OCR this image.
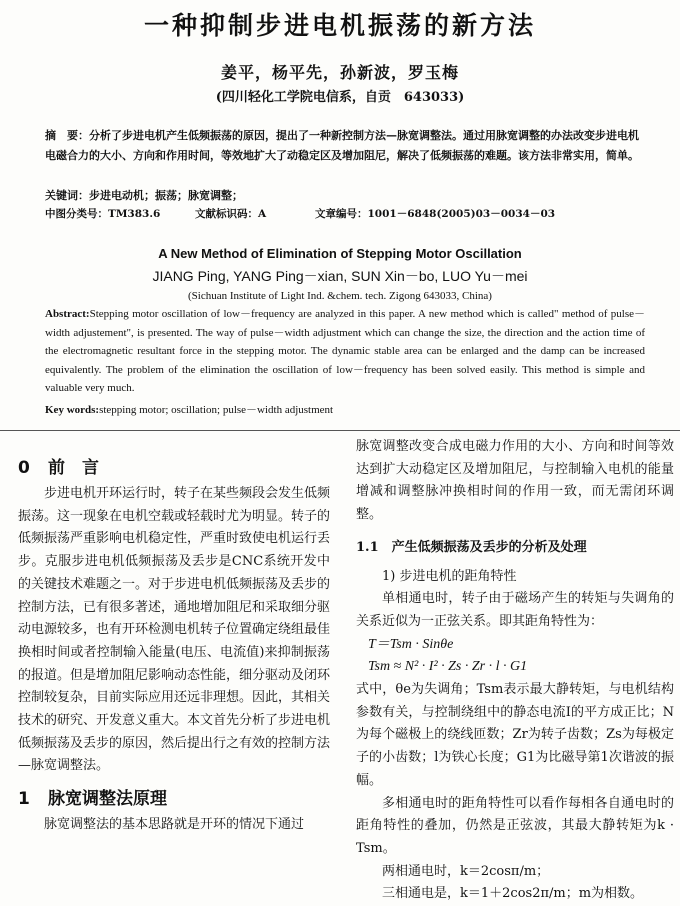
一种抑制步进电机振荡的新方法
姜平，杨平先，孙新波，罗玉梅
(四川轻化工学院电信系，自贡　643033)
摘　要：分析了步进电机产生低频振荡的原因，提出了一种新控制方法—脉宽调整法。通过用脉宽调整的办法改变步进电机电磁合力的大小、方向和作用时间，等效地扩大了动稳定区及增加阻尼，解决了低频振荡的难题。该方法非常实用，简单。
关键词：步进电动机；振荡；脉宽调整；
中图分类号：TM383.6	文献标识码：A	文章编号：1001－6848(2005)03－0034－03
A New Method of Elimination of Stepping Motor Oscillation
JIANG Ping, YANG Ping－xian, SUN Xin－bo, LUO Yu－mei
(Sichuan Institute of Light Ind. &chem. tech. Zigong 643033, China)
Abstract:Stepping motor oscillation of low－frequency are analyzed in this paper. A new method which is called" method of pulse－width adjustement", is presented. The way of pulse－width adjustment which can change the size, the direction and the action time of the electromagnetic resultant force in the stepping motor. The dynamic stable area can be enlarged and the damp can be increased equivalently. The problem of the elimination the oscillation of low－frequency has been solved easily. This method is simple and valuable very much.
Key words:stepping motor; oscillation; pulse－width adjustment
0 前　言
步进电机开环运行时，转子在某些频段会发生低频振荡。这一现象在电机空载或轻载时尤为明显。转子的低频振荡严重影响电机稳定性，严重时致使电机运行丢步。克服步进电机低频振荡及丢步是CNC系统开发中的关键技术难题之一。对于步进电机低频振荡及丢步的控制方法，已有很多著述，通地增加阻尼和采取细分驱动电源较多，也有开环检测电机转子位置确定绕组最佳换相时间或者控制输入能量(电压、电流值)来抑制振荡的报道。但是增加阻尼影响动态性能，细分驱动及闭环控制较复杂，目前实际应用还远非理想。因此，其相关技术的研究、开发意义重大。本文首先分析了步进电机低频振荡及丢步的原因，然后提出行之有效的控制方法—脉宽调整法。
1 脉宽调整法原理
脉宽调整法的基本思路就是开环的情况下通过
脉宽调整改变合成电磁力作用的大小、方向和时间等效达到扩大动稳定区及增加阻尼，与控制输入电机的能量增减和调整脉冲换相时间的作用一致，而无需闭环调整。
1.1　 产生低频振荡及丢步的分析及处理
1) 步进电机的距角特性
单相通电时，转子由于磁场产生的转矩与失调角的关系近似为一正弦关系。即其距角特性为：
T＝Tsm · Sinθe
Tsm ≈ N² · I² · Zs · Zr · l · G1
式中，θe为失调角；Tsm表示最大静转矩，与电机结构参数有关，与控制绕组中的静态电流I的平方成正比；N为每个磁极上的绕线匝数；Zr为转子齿数；Zs为每极定子的小齿数；l为铁心长度；G1为比磁导第1次谐波的振幅。
多相通电时的距角特性可以看作每相各自通电时的距角特性的叠加，仍然是正弦波，其最大静转矩为k · Tsm。
两相通电时，k＝2cosπ/m；
三相通电是，k＝1＋2cos2π/m；m为相数。
